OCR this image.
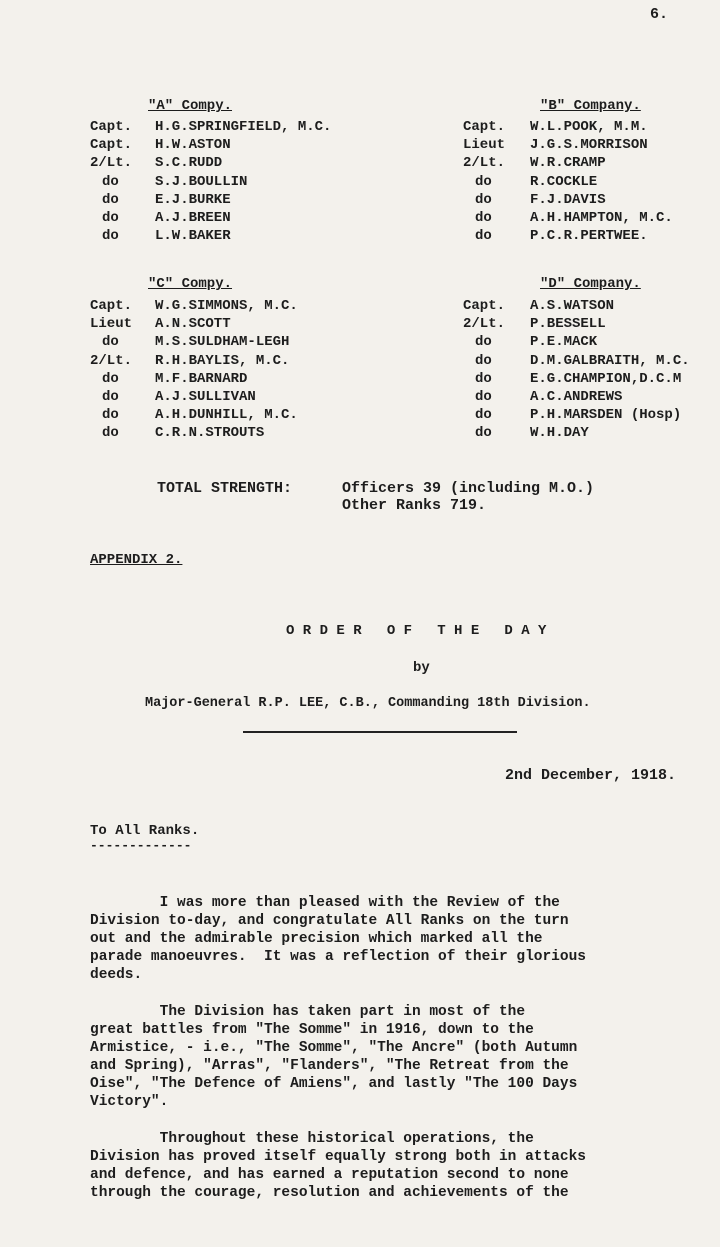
6.
"A" Compy.
Capt. H.G.SPRINGFIELD, M.C.
Capt. H.W.ASTON
2/Lt. S.C.RUDD
do	S.J.BOULLIN
do	E.J.BURKE
do	A.J.BREEN
do	L.W.BAKER
"B" Company.
Capt. W.L.POOK, M.M.
Lieut J.G.S.MORRISON
2/Lt. W.R.CRAMP
do	R.COCKLE
do	F.J.DAVIS
do	A.H.HAMPTON, M.C.
do	P.C.R.PERTWEE.
"C" Compy.
Capt. W.G.SIMMONS, M.C.
Lieut A.N.SCOTT
do	M.S.SULDHAM-LEGH
2/Lt. R.H.BAYLIS, M.C.
do	M.F.BARNARD
do	A.J.SULLIVAN
do	A.H.DUNHILL, M.C.
do	C.R.N.STROUTS
"D" Company.
Capt. A.S.WATSON
2/Lt. P.BESSELL
do	P.E.MACK
do	D.M.GALBRAITH, M.C.
do	E.G.CHAMPION,D.C.M
do	A.C.ANDREWS
do	P.H.MARSDEN (Hosp)
do	W.H.DAY
TOTAL STRENGTH:	Officers 39 (including M.O.)
Other Ranks 719.
APPENDIX 2.
O R D E R   O F   T H E   D A Y
by
Major-General R.P. LEE, C.B., Commanding 18th Division.
2nd December, 1918.
To All Ranks.
-------------
I was more than pleased with the Review of the
Division to-day, and congratulate All Ranks on the turn
out and the admirable precision which marked all the
parade manoeuvres.  It was a reflection of their glorious
deeds.
The Division has taken part in most of the
great battles from "The Somme" in 1916, down to the
Armistice, - i.e., "The Somme", "The Ancre" (both Autumn
and Spring), "Arras", "Flanders", "The Retreat from the
Oise", "The Defence of Amiens", and lastly "The 100 Days
Victory".
Throughout these historical operations, the
Division has proved itself equally strong both in attacks
and defence, and has earned a reputation second to none
through the courage, resolution and achievements of the
